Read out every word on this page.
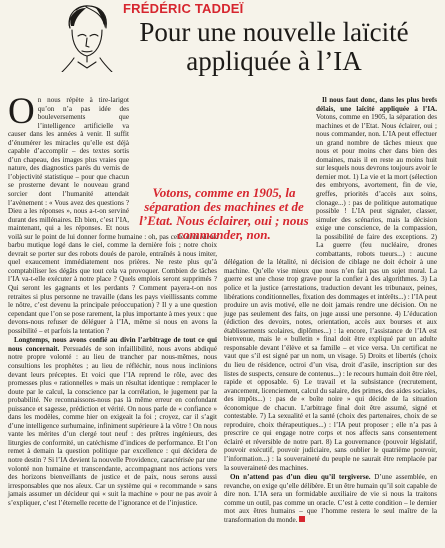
FRÉDÉRIC TADDEÏ
Pour une nouvelle laïcité
appliquée à l’IA

On nous répète à tire-larigot qu’on n’a pas idée des bouleversements que l’intelligence artificielle va causer dans les années à venir. Il suffit d’énumérer les miracles qu’elle est déjà capable d’accomplir – des textes sortis d’un chapeau, des images plus vraies que nature, des diagnostics parés du vernis de l’objectivité statistique – pour que chacun se prosterne devant le nouveau grand sorcier dont l’humanité attendait l’avènement : « Vous avez des questions ? Dieu a les réponses », nous a-t-on serviné durant des millénaires. Eh bien, c’est l’IA, maintenant, qui a les réponses. Et nous voilà sur le point de lui donner forme humaine : oh, pas celle d’un vieux barbu mutique logé dans le ciel, comme la dernière fois ; notre choix devrait se porter sur des robots doués de parole, entraînés à nous imiter, quel exaucement immédiatement nos prières. Ne reste plus qu’à comptabiliser les dégâts que tout cela va provoquer. Combien de tâches l’IA va-t-elle exécuter à notre place ? Quels emplois seront supprimés ? Qui seront les gagnants et les perdants ? Comment payera-t-on nos retraites si plus personne ne travaille (dans les pays vieillissants comme le nôtre, c’est devenu la principale préoccupation) ? Il y a une question cependant que l’on se pose rarement, la plus importante à mes yeux : que devons-nous refuser de déléguer à l’IA, même si nous en avons la possibilité – et parfois la tentation ?

Longtemps, nous avons confié au divin l’arbitrage de tout ce qui nous concernait. Persuadés de son infaillibilité, nous avons abdiqué notre propre volonté : au lieu de trancher par nous-mêmes, nous consultions les prophètes ; au lieu de réfléchir, nous nous inclinions devant leurs préceptes. Et voici que l’IA reprend le rôle, avec des promesses plus « rationnelles » mais un résultat identique : remplacer le doute par le calcul, la conscience par la corrélation, le jugement par la probabilité. Ne reconnaissons-nous pas là même erreur en confondant puissance et sagesse, prédiction et vérité. On nous parle de « confiance » dans les modèles, comme hier on exigeait la foi ; croyez, car il s’agit d’une intelligence surhumaine, infiniment supérieure à la vôtre ! On nous vante les mérites d’un clergé tout neuf : des prêtres ingénieurs, des liturgies de conformité, un catéchisme d’indices de performance. Et l’on remet à demain la question politique par excellence : qui décidera de notre destin ? Si l’IA devient la nouvelle Providence, caractérisée par une volonté non humaine et transcendante, accompagnant nos actions vers des horizons bienveillants de justice et de paix, nous serons aussi irresponsables que nos aïeux. Car un système qui « recommande » sans jamais assumer un décideur qui « suit la machine » pour ne pas avoir à s’expliquer, c’est l’éternelle recette de l’ignorance et de l’injustice.

Votons, comme en 1905, la séparation des machines et de l’Etat. Nous éclairer, oui ; nous commander, non.

Il nous faut donc, dans les plus brefs délais, une laïcité appliquée à l’IA. Votons, comme en 1905, la séparation des machines et de l’Etat. Nous éclairer, oui ; nous commander, non. L’IA peut effectuer un grand nombre de tâches mieux que nous et pour moins cher dans bien des domaines, mais il en reste au moins huit sur lesquels nous devrons toujours avoir le dernier mot. 1) La vie et la mort (sélection des embryons, avortement, fin de vie, greffes, priorités d’accès aux soins, clonage...) : pas de politique automatique possible ! L’IA peut signaler, classer, simuler des scénarios, mais la décision exige une conscience, de la compassion, la possibilité de faire des exceptions. 2) La guerre (feu nucléaire, drones combattants, robots tueurs...) : aucune délégation de la létalité, ni décision de ciblage ne doit échoir à une machine. Qu’elle vise mieux que nous n’en fait pas un sujet moral. La guerre est une chose trop grave pour la confier à des algorithmes. 3) La police et la justice (arrestations, traduction devant les tribunaux, peines, libérations conditionnelles, fixation des dommages et intérêts...) : l’IA peut produire un avis motivé, elle ne doit jamais rendre une décision. On ne juge pas seulement des faits, on juge aussi une personne. 4) L’éducation (édiction des devoirs, notes, orientation, accès aux bourses et aux établissements scolaires, diplômes...) : la encore, l’assistance de l’IA est bienvenue, mais le « bulletin » final doit être expliqué par un adulte responsable devant l’élève et sa famille – et vice versa. Un certificat ne vaut que s’il est signé par un nom, un visage. 5) Droits et libertés (choix du lieu de résidence, octroi d’un visa, droit d’asile, inscription sur des listes de suspects, censure de contenus...) : le recours humain doit être réel, rapide et opposable. 6) Le travail et la subsistance (recrutement, avancement, licenciement, calcul du salaire, des primes, des aides sociales, des impôts...) : pas de « boîte noire » qui décide de la situation économique de chacun. L’arbitrage final doit être assumé, signé et contestable. 7) La sexualité et la santé (choix des partenaires, choix de se reproduire, choix thérapeutiques...) : l’IA peut proposer ; elle n’a pas à prescrire ce qui engage notre corps et nos affects sans consentement éclairé et réversible de notre part. 8) La gouvernance (pouvoir législatif, pouvoir exécutif, pouvoir judiciaire, sans oublier le quatrième pouvoir, l’information...) : la souveraineté du peuple ne saurait être remplacée par la souveraineté des machines.

On n’attend pas d’un dieu qu’il tergiverse. D’une assemblée, en revanche, on exige qu’elle délibère. Et un être humain qu’il soit capable de dire non. L’IA sera un formidable auxiliaire de vie si nous la traitons comme un outil, pas comme un oracle. C’est à cette condition – le dernier mot aux êtres humains – que l’homme restera le seul maître de la transformation du monde.
